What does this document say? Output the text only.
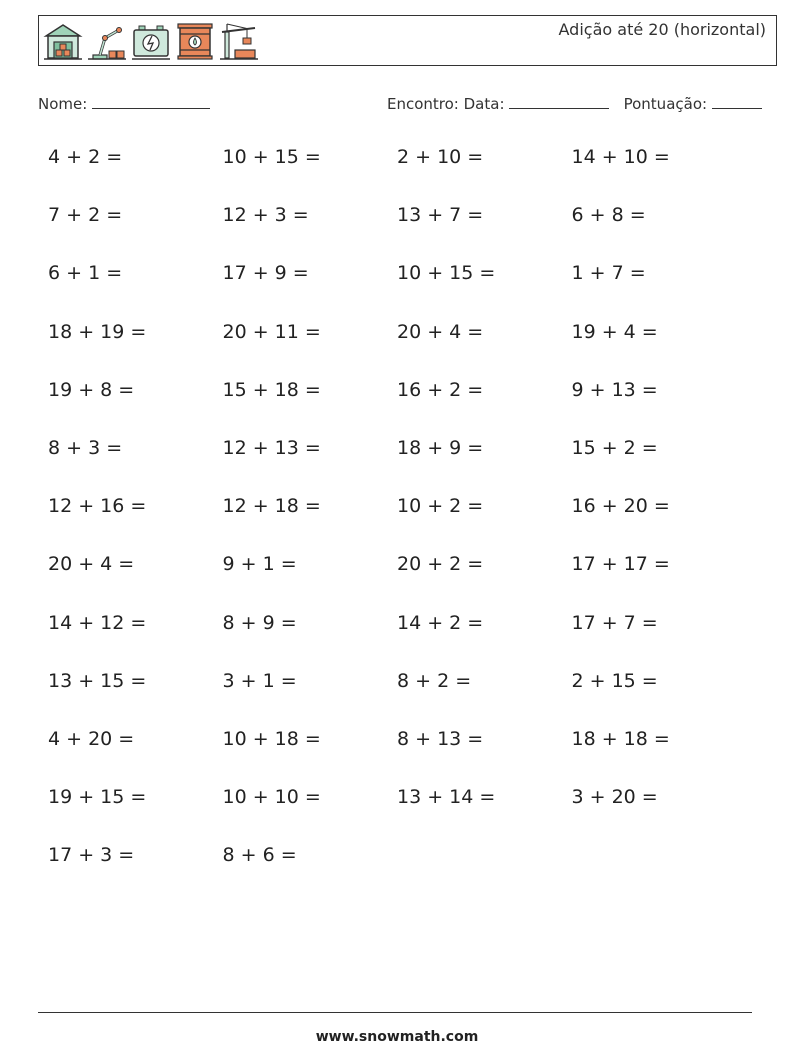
Adição até 20 (horizontal)
Nome:	Encontro: Data:	Pontuação:
4 + 2 =	10 + 15 =	2 + 10 =	14 + 10 =
7 + 2 =	12 + 3 =	13 + 7 =	6 + 8 =
6 + 1 =	17 + 9 =	10 + 15 =	1 + 7 =
18 + 19 =	20 + 11 =	20 + 4 =	19 + 4 =
19 + 8 =	15 + 18 =	16 + 2 =	9 + 13 =
8 + 3 =	12 + 13 =	18 + 9 =	15 + 2 =
12 + 16 =	12 + 18 =	10 + 2 =	16 + 20 =
20 + 4 =	9 + 1 =	20 + 2 =	17 + 17 =
14 + 12 =	8 + 9 =	14 + 2 =	17 + 7 =
13 + 15 =	3 + 1 =	8 + 2 =	2 + 15 =
4 + 20 =	10 + 18 =	8 + 13 =	18 + 18 =
19 + 15 =	10 + 10 =	13 + 14 =	3 + 20 =
17 + 3 =	8 + 6 =
www.snowmath.com
